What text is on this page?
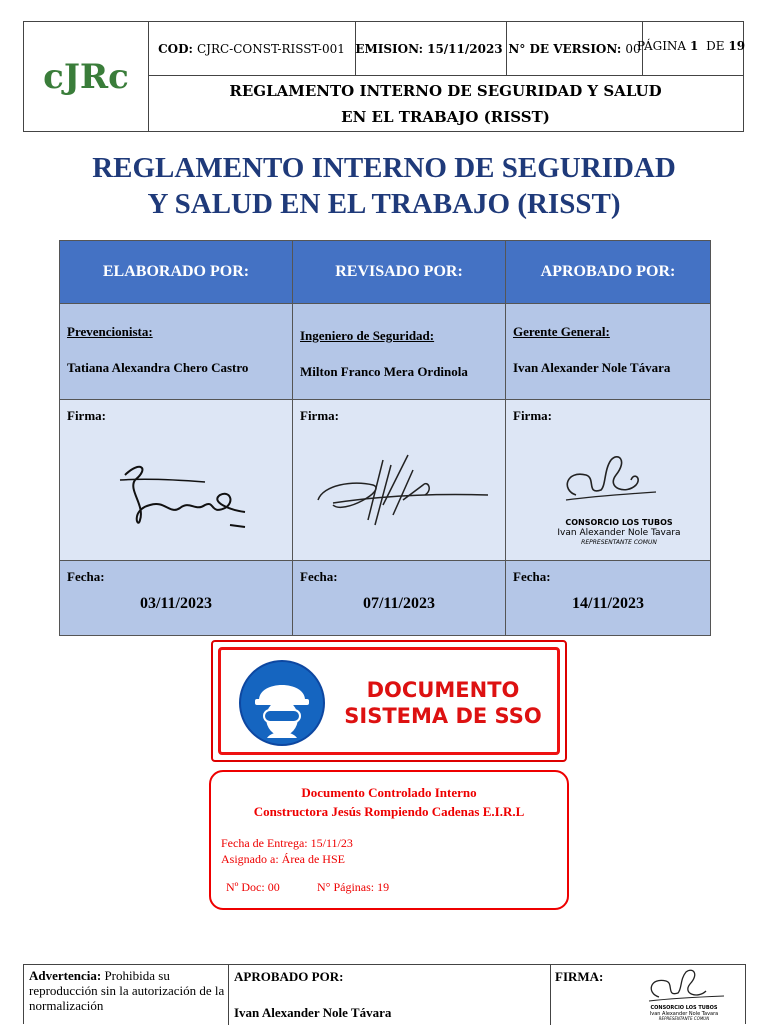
cJRc
COD: CJRC-CONST-RISST-001 EMISION: 15/11/2023 N° DE VERSION: 00
PÁGINA
1
DE
19
REGLAMENTO INTERNO DE SEGURIDAD Y SALUD
EN EL TRABAJO (RISST)
REGLAMENTO INTERNO DE SEGURIDAD
Y SALUD EN EL TRABAJO (RISST)
ELABORADO POR:
Prevencionista:
Tatiana Alexandra Chero Castro
Firma:
Fecha:
03/11/2023
REVISADO POR:
Ingeniero de Seguridad:
Milton Franco Mera Ordinola
Firma:
Fecha:
07/11/2023
APROBADO POR:
Gerente General:
Ivan Alexander Nole Távara
Firma:
CONSORCIO LOS TUBOS
Ivan Alexander Nole Tavara
REPRESENTANTE COMUN
Fecha:
14/11/2023
DOCUMENTO
SISTEMA DE SSO
Documento Controlado Interno
Constructora Jesús Rompiendo Cadenas E.I.R.L
Fecha de Entrega: 15/11/23
Asignado a: Área de HSE
Nº Doc: 00	N° Páginas: 19
Advertencia: Prohibida su reproducción sin la autorización de la normalización
APROBADO POR:
Ivan Alexander Nole Távara
FIRMA:
CONSORCIO LOS TUBOS
Ivan Alexander Nole Tavara
REPRESENTANTE COMUN
